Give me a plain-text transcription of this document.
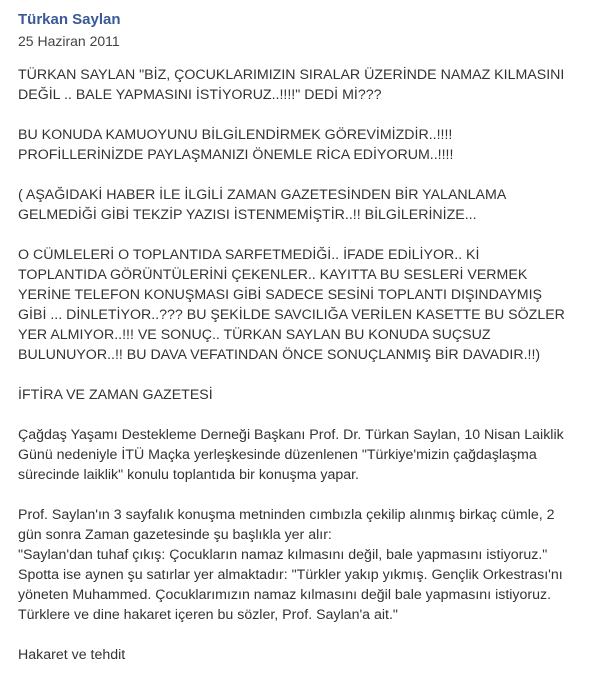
Türkan Saylan
25 Haziran 2011

TÜRKAN SAYLAN "BİZ, ÇOCUKLARIMIZIN SIRALAR ÜZERİNDE NAMAZ KILMASINI
DEĞİL .. BALE YAPMASINI İSTİYORUZ..!!!!" DEDİ Mİ???

BU KONUDA KAMUOYUNU BİLGİLENDİRMEK GÖREVİMİZDİR..!!!!
PROFİLLERİNİZDE PAYLAŞMANIZI ÖNEMLE RİCA EDİYORUM..!!!!

( AŞAĞIDAKİ HABER İLE İLGİLİ ZAMAN GAZETESİNDEN BİR YALANLAMA
GELMEDİĞİ GİBİ TEKZİP YAZISI İSTENMEMİŞTİR..!! BİLGİLERİNİZE...

O CÜMLELERİ O TOPLANTIDA SARFETMEDİĞİ.. İFADE EDİLİYOR.. Kİ
TOPLANTIDA GÖRÜNTÜLERİNİ ÇEKENLER.. KAYITTA BU SESLERİ VERMEK
YERİNE TELEFON KONUŞMASI GİBİ SADECE SESİNİ TOPLANTI DIŞINDAYMIŞ
GİBİ ... DİNLETİYOR..??? BU ŞEKİLDE SAVCILIĞA VERİLEN KASETTE BU SÖZLER
YER ALMIYOR..!!! VE SONUÇ.. TÜRKAN SAYLAN BU KONUDA SUÇSUZ
BULUNUYOR..!! BU DAVA VEFATINDAN ÖNCE SONUÇLANMIŞ BİR DAVADIR.!!)

İFTİRA VE ZAMAN GAZETESİ

Çağdaş Yaşamı Destekleme Derneği Başkanı Prof. Dr. Türkan Saylan, 10 Nisan Laiklik
Günü nedeniyle İTÜ Maçka yerleşkesinde düzenlenen "Türkiye'mizin çağdaşlaşma
sürecinde laiklik" konulu toplantıda bir konuşma yapar.

Prof. Saylan'ın 3 sayfalık konuşma metninden cımbızla çekilip alınmış birkaç cümle, 2
gün sonra Zaman gazetesinde şu başlıkla yer alır:
"Saylan'dan tuhaf çıkış: Çocukların namaz kılmasını değil, bale yapmasını istiyoruz."
Spotta ise aynen şu satırlar yer almaktadır: "Türkler yakıp yıkmış. Gençlik Orkestrası'nı
yöneten Muhammed. Çocuklarımızın namaz kılmasını değil bale yapmasını istiyoruz.
Türklere ve dine hakaret içeren bu sözler, Prof. Saylan'a ait."

Hakaret ve tehdit
